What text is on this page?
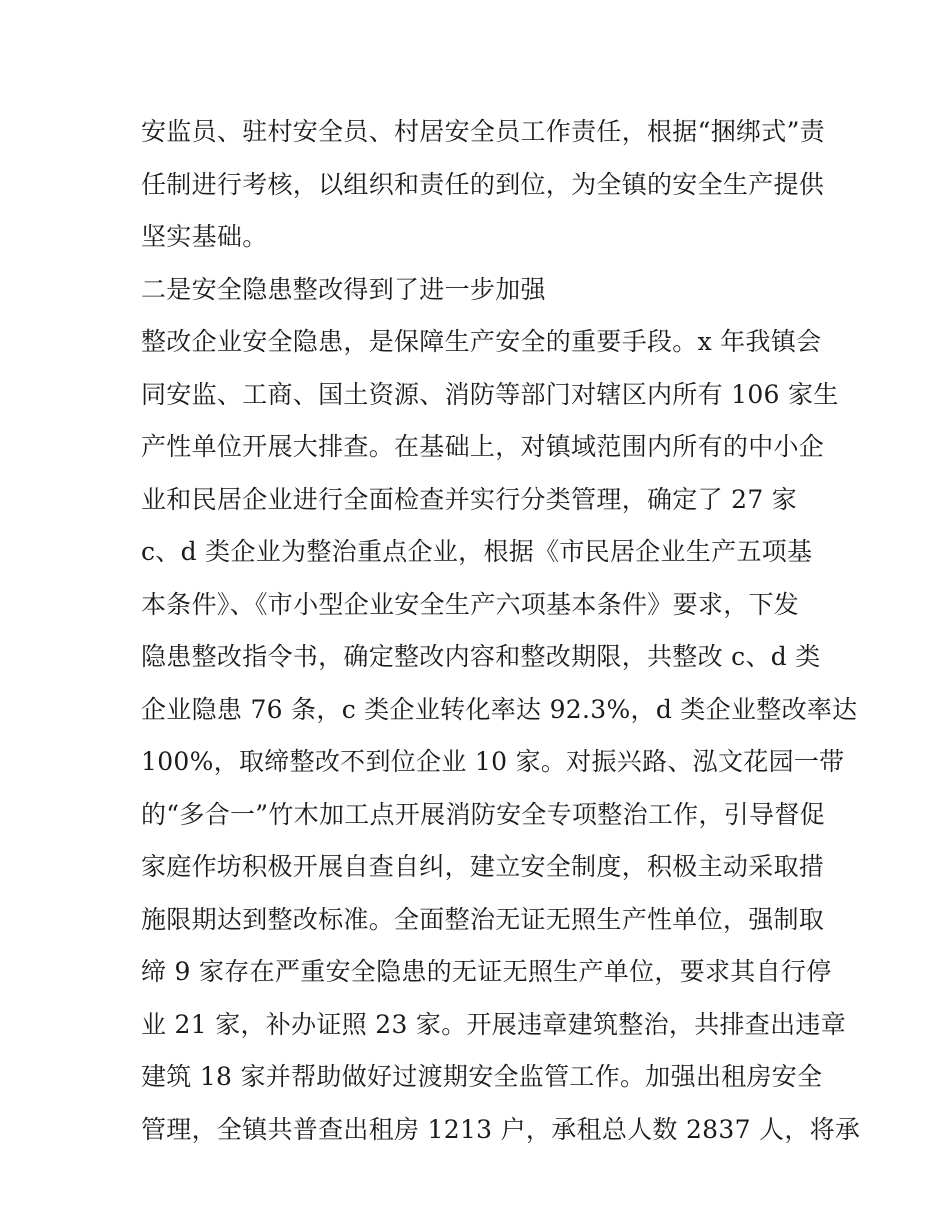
安监员、驻村安全员、村居安全员工作责任，根据“捆绑式”责
任制进行考核，以组织和责任的到位，为全镇的安全生产提供
坚实基础。
二是安全隐患整改得到了进一步加强
整改企业安全隐患，是保障生产安全的重要手段。x 年我镇会
同安监、工商、国土资源、消防等部门对辖区内所有 106 家生
产性单位开展大排查。在基础上，对镇域范围内所有的中小企
业和民居企业进行全面检查并实行分类管理，确定了 27 家
c、d 类企业为整治重点企业，根据《市民居企业生产五项基
本条件》、《市小型企业安全生产六项基本条件》要求，下发
隐患整改指令书，确定整改内容和整改期限，共整改 c、d 类
企业隐患 76 条，c 类企业转化率达 92.3%，d 类企业整改率达
100%，取缔整改不到位企业 10 家。对振兴路、泓文花园一带
的“多合一”竹木加工点开展消防安全专项整治工作，引导督促
家庭作坊积极开展自查自纠，建立安全制度，积极主动采取措
施限期达到整改标准。全面整治无证无照生产性单位，强制取
缔 9 家存在严重安全隐患的无证无照生产单位，要求其自行停
业 21 家，补办证照 23 家。开展违章建筑整治，共排查出违章
建筑 18 家并帮助做好过渡期安全监管工作。加强出租房安全
管理，全镇共普查出租房 1213 户，承租总人数 2837 人，将承
